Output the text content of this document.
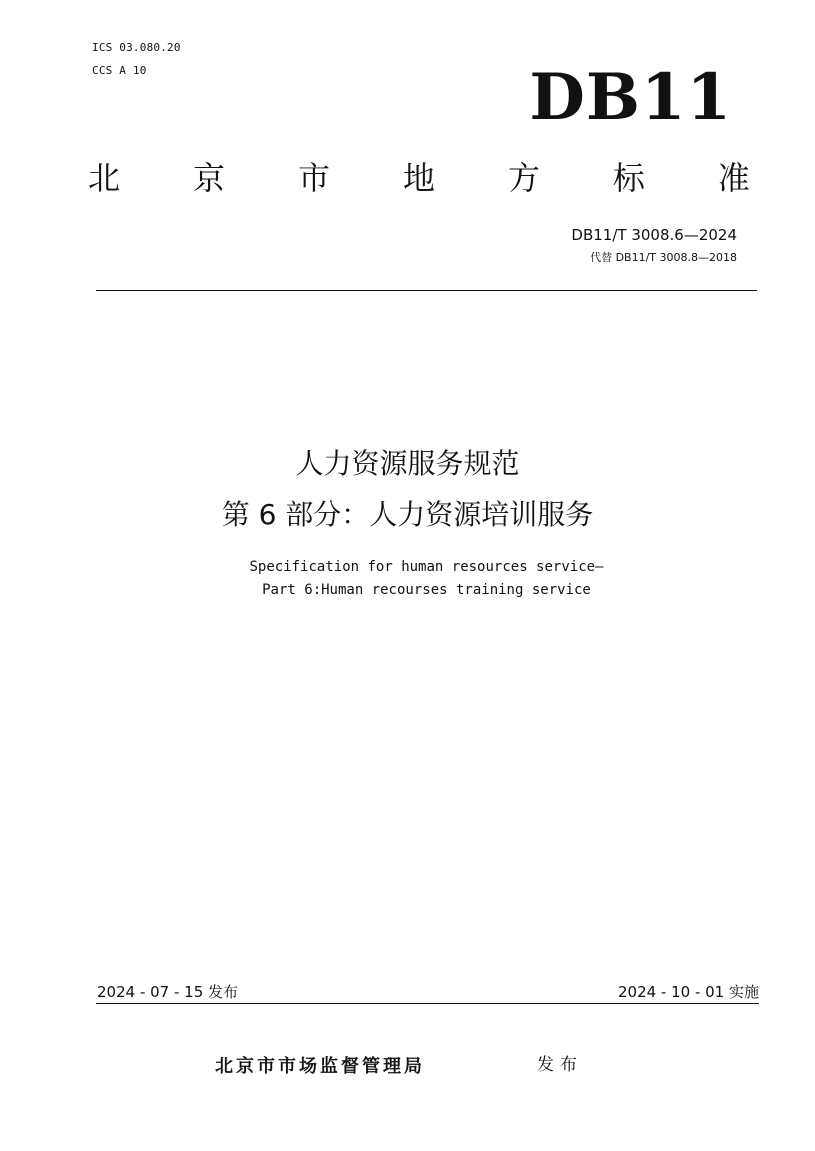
ICS 03.080.20
CCS A 10	DB11
北 京 市 地 方 标 准
DB11/T 3008.6—2024
代替 DB11/T 3008.8—2018
人力资源服务规范
第 6 部分：人力资源培训服务
Specification for human resources service—
Part 6:Human recourses training service
2024 - 07 - 15 发布	2024 - 10 - 01 实施
北京市市场监督管理局	发布
